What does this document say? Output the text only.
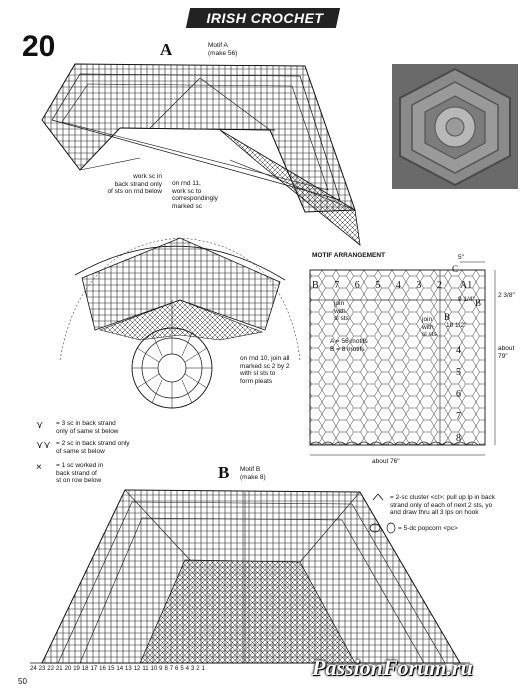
IRISH CROCHET
20	A	Motif A
(make 56)
work sc in
back strand only
of sts on rnd below
on rnd 11,
work sc to
correspondingly
marked sc
on rnd 10, join all
marked sc 2 by 2
with sl sts to
form pleats
MOTIF ARRANGEMENT	5"
B 7 6 5 4 3 2 A1
C
B
B
4
5
6
7
8
A = 56 motifs
B = 8 motifs
join
with
sl sts	join
with
sl sts
9 1/4"
10 1/2"
2 3/8"
about 76"
about 79"
⋎ = 3 sc in back strand
only of same st below
⋎⋎ = 2 sc in back strand only
of same st below
× = 1 sc worked in
back strand of
st on row below	B Motif B
(make 8)
= 2-sc cluster <cl>: pull up lp in back
strand only of each of next 2 sts, yo
and draw thru all 3 lps on hook
= 5-dc popcorn <pc>
24 23 22 21 20 19 18 17 16 15 14 13 12 11 10 9 8 7 6 5 4 3 2 1
50
PassionForum.ru
